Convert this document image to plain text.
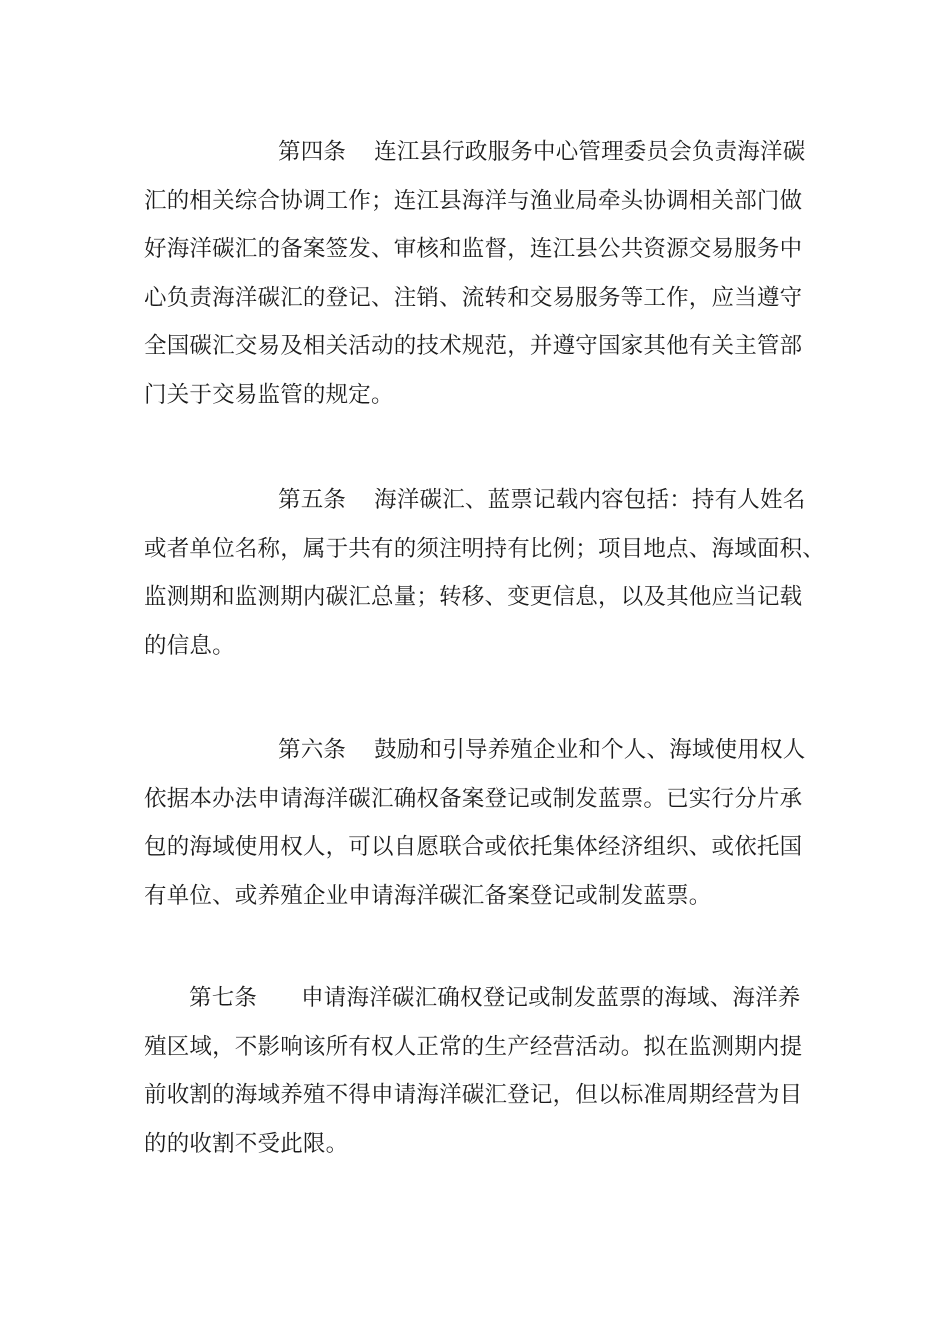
第四条 连江县行政服务中心管理委员会负责海洋碳
汇的相关综合协调工作；连江县海洋与渔业局牵头协调相关部门做
好海洋碳汇的备案签发、审核和监督，连江县公共资源交易服务中
心负责海洋碳汇的登记、注销、流转和交易服务等工作，应当遵守
全国碳汇交易及相关活动的技术规范，并遵守国家其他有关主管部
门关于交易监管的规定。
第五条 海洋碳汇、蓝票记载内容包括：持有人姓名
或者单位名称，属于共有的须注明持有比例；项目地点、海域面积、
监测期和监测期内碳汇总量；转移、变更信息，以及其他应当记载
的信息。
第六条 鼓励和引导养殖企业和个人、海域使用权人
依据本办法申请海洋碳汇确权备案登记或制发蓝票。已实行分片承
包的海域使用权人，可以自愿联合或依托集体经济组织、或依托国
有单位、或养殖企业申请海洋碳汇备案登记或制发蓝票。
第七条 申请海洋碳汇确权登记或制发蓝票的海域、海洋养
殖区域，不影响该所有权人正常的生产经营活动。拟在监测期内提
前收割的海域养殖不得申请海洋碳汇登记，但以标准周期经营为目
的的收割不受此限。
